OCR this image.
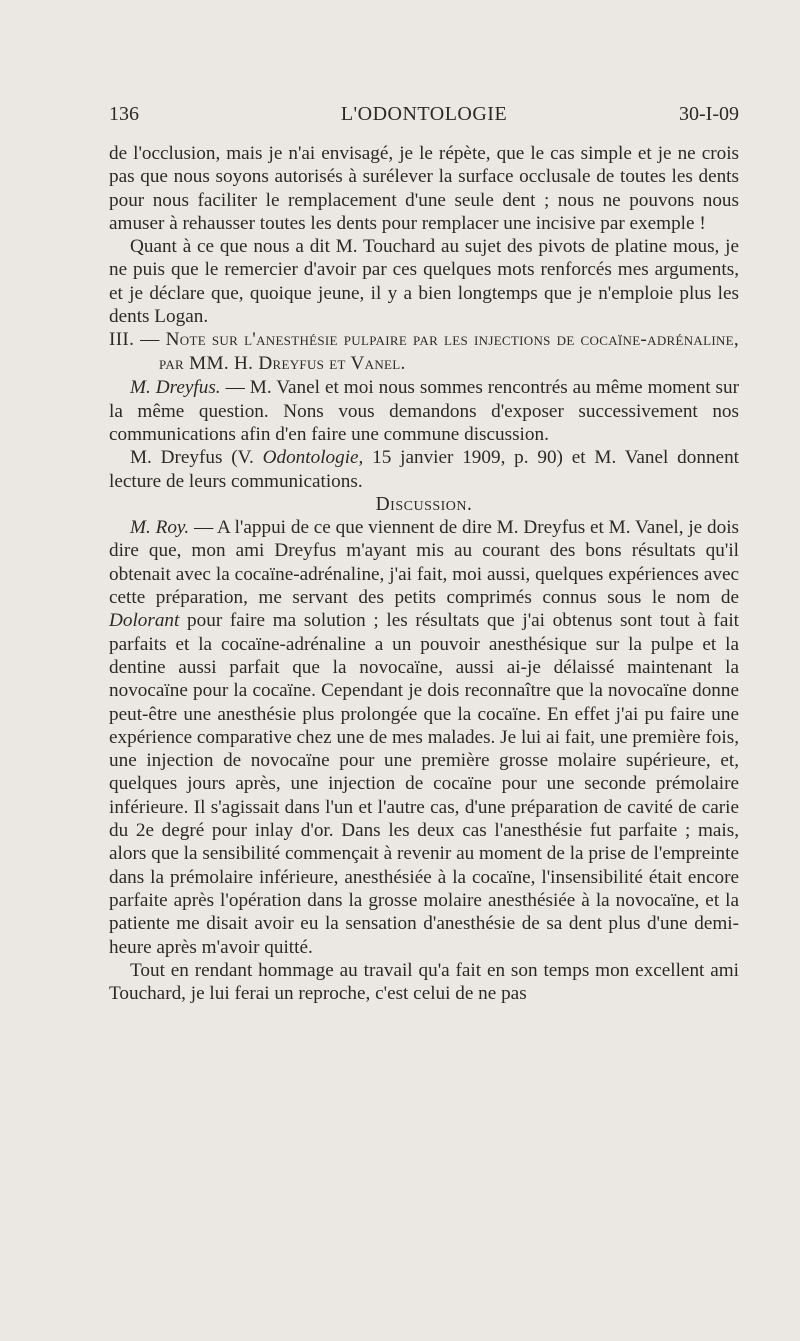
136	L'ODONTOLOGIE	30-I-09

de l'occlusion, mais je n'ai envisagé, je le répète, que le cas simple et je ne crois pas que nous soyons autorisés à surélever la surface occlusale de toutes les dents pour nous faciliter le remplacement d'une seule dent ; nous ne pouvons nous amuser à rehausser toutes les dents pour remplacer une incisive par exemple !

Quant à ce que nous a dit M. Touchard au sujet des pivots de platine mous, je ne puis que le remercier d'avoir par ces quelques mots renforcés mes arguments, et je déclare que, quoique jeune, il y a bien longtemps que je n'emploie plus les dents Logan.

III. — Note sur l'anesthésie pulpaire par les injections de cocaïne-adrénaline, par MM. H. Dreyfus et Vanel.

M. Dreyfus. — M. Vanel et moi nous sommes rencontrés au même moment sur la même question. Nons vous demandons d'exposer successivement nos communications afin d'en faire une commune discussion.

M. Dreyfus (V. Odontologie, 15 janvier 1909, p. 90) et M. Vanel donnent lecture de leurs communications.

Discussion.

M. Roy. — A l'appui de ce que viennent de dire M. Dreyfus et M. Vanel, je dois dire que, mon ami Dreyfus m'ayant mis au courant des bons résultats qu'il obtenait avec la cocaïne-adrénaline, j'ai fait, moi aussi, quelques expériences avec cette préparation, me servant des petits comprimés connus sous le nom de Dolorant pour faire ma solution ; les résultats que j'ai obtenus sont tout à fait parfaits et la cocaïne-adrénaline a un pouvoir anesthésique sur la pulpe et la dentine aussi parfait que la novocaïne, aussi ai-je délaissé maintenant la novocaïne pour la cocaïne. Cependant je dois reconnaître que la novocaïne donne peut-être une anesthésie plus prolongée que la cocaïne. En effet j'ai pu faire une expérience comparative chez une de mes malades. Je lui ai fait, une première fois, une injection de novocaïne pour une première grosse molaire supérieure, et, quelques jours après, une injection de cocaïne pour une seconde prémolaire inférieure. Il s'agissait dans l'un et l'autre cas, d'une préparation de cavité de carie du 2e degré pour inlay d'or. Dans les deux cas l'anesthésie fut parfaite ; mais, alors que la sensibilité commençait à revenir au moment de la prise de l'empreinte dans la prémolaire inférieure, anesthésiée à la cocaïne, l'insensibilité était encore parfaite après l'opération dans la grosse molaire anesthésiée à la novocaïne, et la patiente me disait avoir eu la sensation d'anesthésie de sa dent plus d'une demi-heure après m'avoir quitté.

Tout en rendant hommage au travail qu'a fait en son temps mon excellent ami Touchard, je lui ferai un reproche, c'est celui de ne pas
